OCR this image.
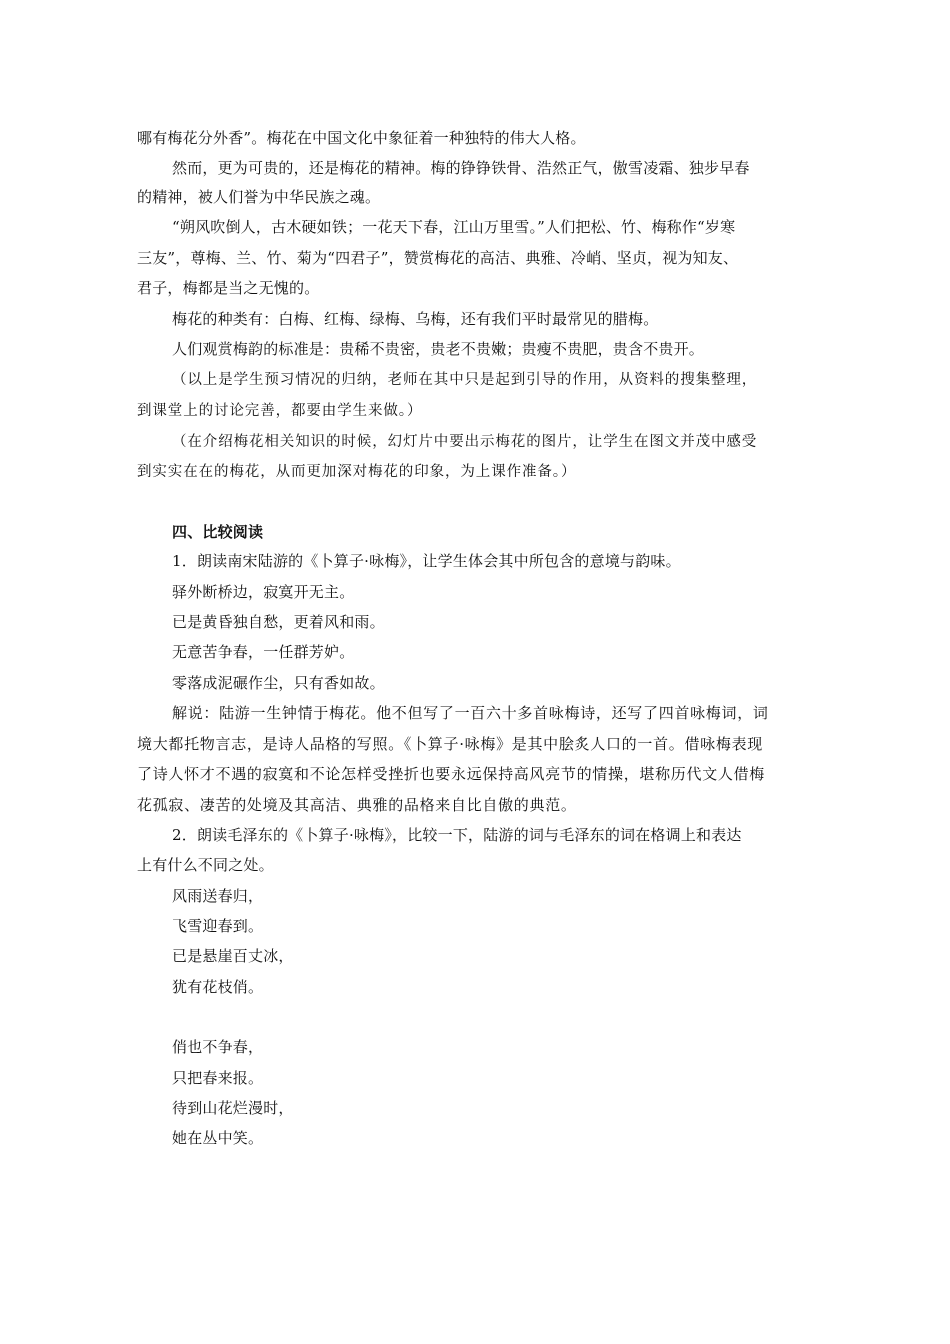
哪有梅花分外香”。梅花在中国文化中象征着一种独特的伟大人格。
然而，更为可贵的，还是梅花的精神。梅的铮铮铁骨、浩然正气，傲雪凌霜、独步早春
的精神，被人们誉为中华民族之魂。
“朔风吹倒人，古木硬如铁；一花天下春，江山万里雪。”人们把松、竹、梅称作“岁寒
三友”，尊梅、兰、竹、菊为“四君子”，赞赏梅花的高洁、典雅、冷峭、坚贞，视为知友、
君子，梅都是当之无愧的。
梅花的种类有：白梅、红梅、绿梅、乌梅，还有我们平时最常见的腊梅。
人们观赏梅韵的标准是：贵稀不贵密，贵老不贵嫩；贵瘦不贵肥，贵含不贵开。
（以上是学生预习情况的归纳，老师在其中只是起到引导的作用，从资料的搜集整理，
到课堂上的讨论完善，都要由学生来做。）
（在介绍梅花相关知识的时候，幻灯片中要出示梅花的图片，让学生在图文并茂中感受
到实实在在的梅花，从而更加深对梅花的印象，为上课作准备。）
四、比较阅读
1．朗读南宋陆游的《卜算子·咏梅》，让学生体会其中所包含的意境与韵味。
驿外断桥边，寂寞开无主。
已是黄昏独自愁，更着风和雨。
无意苦争春，一任群芳妒。
零落成泥碾作尘，只有香如故。
解说：陆游一生钟情于梅花。他不但写了一百六十多首咏梅诗，还写了四首咏梅词，词
境大都托物言志，是诗人品格的写照。《卜算子·咏梅》是其中脍炙人口的一首。借咏梅表现
了诗人怀才不遇的寂寞和不论怎样受挫折也要永远保持高风亮节的情操，堪称历代文人借梅
花孤寂、凄苦的处境及其高洁、典雅的品格来自比自傲的典范。
2．朗读毛泽东的《卜算子·咏梅》，比较一下，陆游的词与毛泽东的词在格调上和表达
上有什么不同之处。
风雨送春归，
飞雪迎春到。
已是悬崖百丈冰，
犹有花枝俏。
俏也不争春，
只把春来报。
待到山花烂漫时，
她在丛中笑。
